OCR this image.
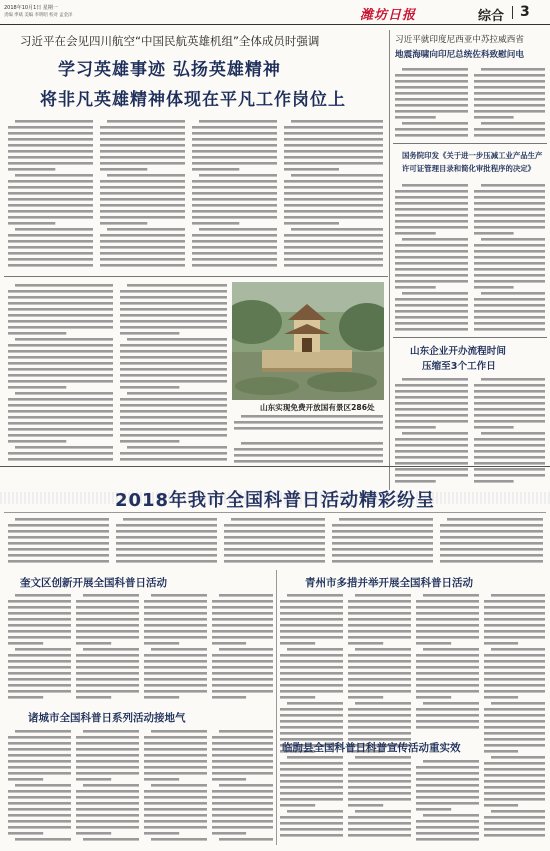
2018年10月1日 星期一
责编 季斌 美编 李明昭 校对 孟金泽	潍坊日报	综合 3
习近平在会见四川航空“中国民航英雄机组”全体成员时强调
学习英雄事迹 弘扬英雄精神
将非凡英雄精神体现在平凡工作岗位上
习近平就印度尼西亚中苏拉威西省
地震海啸向印尼总统佐科致慰问电
国务院印发《关于进一步压减工业产品生产
许可证管理目录和简化审批程序的决定》
山东企业开办流程时间
压缩至3个工作日
山东实现免费开放国有景区286处
2018年我市全国科普日活动精彩纷呈
奎文区创新开展全国科普日活动	青州市多措并举开展全国科普日活动
诸城市全国科普日系列活动接地气
临朐县全国科普日科普宣传活动重实效
